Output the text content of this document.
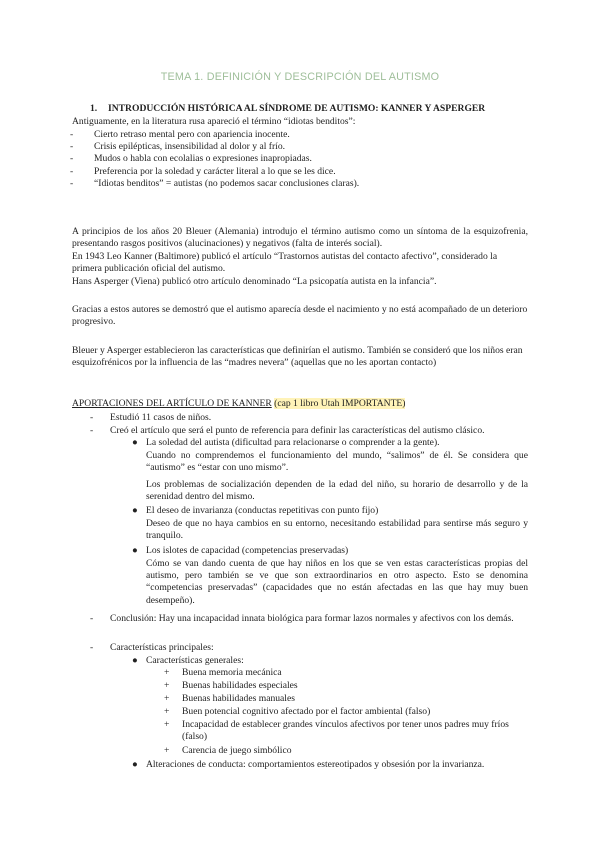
TEMA 1. DEFINICIÓN Y DESCRIPCIÓN DEL AUTISMO
1. INTRODUCCIÓN HISTÓRICA AL SÍNDROME DE AUTISMO: KANNER Y ASPERGER
Antiguamente, en la literatura rusa apareció el término “idiotas benditos”:
- Cierto retraso mental pero con apariencia inocente.
- Crisis epilépticas, insensibilidad al dolor y al frío.
- Mudos o habla con ecolalias o expresiones inapropiadas.
- Preferencia por la soledad y carácter literal a lo que se les dice.
- “Idiotas benditos” = autistas (no podemos sacar conclusiones claras).
A principios de los años 20 Bleuer (Alemania) introdujo el término autismo como un síntoma de la esquizofrenia, presentando rasgos positivos (alucinaciones) y negativos (falta de interés social).
En 1943 Leo Kanner (Baltimore) publicó el artículo “Trastornos autistas del contacto afectivo”, considerado la primera publicación oficial del autismo.
Hans Asperger (Viena) publicó otro artículo denominado “La psicopatía autista en la infancia”.
Gracias a estos autores se demostró que el autismo aparecía desde el nacimiento y no está acompañado de un deterioro progresivo.
Bleuer y Asperger establecieron las características que definirían el autismo. También se consideró que los niños eran esquizofrénicos por la influencia de las “madres nevera” (aquellas que no les aportan contacto)
APORTACIONES DEL ARTÍCULO DE KANNER (cap 1 libro Utah IMPORTANTE)
- Estudió 11 casos de niños.
- Creó el artículo que será el punto de referencia para definir las características del autismo clásico.
● La soledad del autista (dificultad para relacionarse o comprender a la gente).
Cuando no comprendemos el funcionamiento del mundo, “salimos” de él. Se considera que “autismo” es “estar con uno mismo”.
Los problemas de socialización dependen de la edad del niño, su horario de desarrollo y de la serenidad dentro del mismo.
● El deseo de invarianza (conductas repetitivas con punto fijo)
Deseo de que no haya cambios en su entorno, necesitando estabilidad para sentirse más seguro y tranquilo.
● Los islotes de capacidad (competencias preservadas)
Cómo se van dando cuenta de que hay niños en los que se ven estas características propias del autismo, pero también se ve que son extraordinarios en otro aspecto. Esto se denomina “competencias preservadas” (capacidades que no están afectadas en las que hay muy buen desempeño).
- Conclusión: Hay una incapacidad innata biológica para formar lazos normales y afectivos con los demás.
- Características principales:
● Características generales:
+ Buena memoria mecánica
+ Buenas habilidades especiales
+ Buenas habilidades manuales
+ Buen potencial cognitivo afectado por el factor ambiental (falso)
+ Incapacidad de establecer grandes vínculos afectivos por tener unos padres muy fríos (falso)
+ Carencia de juego simbólico
● Alteraciones de conducta: comportamientos estereotipados y obsesión por la invarianza.
